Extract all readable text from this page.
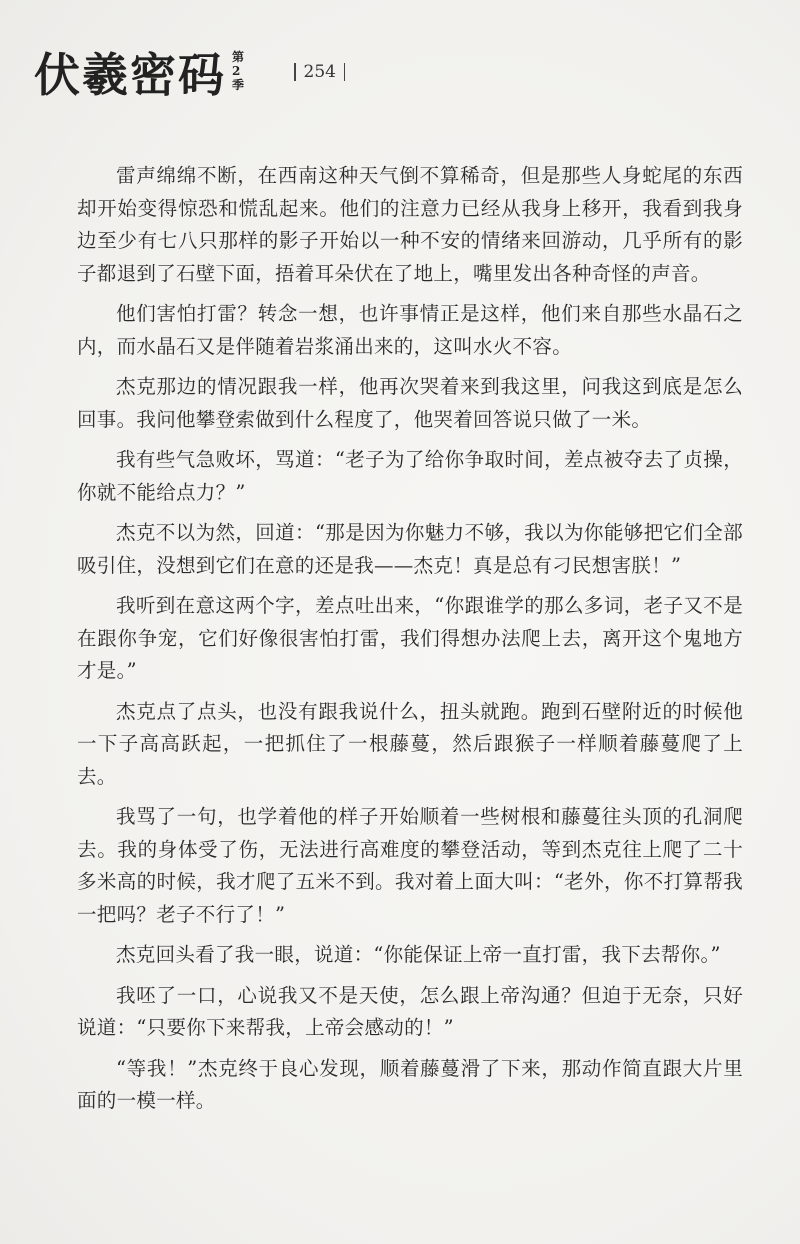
伏羲密码 第2季
254

雷声绵绵不断，在西南这种天气倒不算稀奇，但是那些人身蛇尾的东西却开始变得惊恐和慌乱起来。他们的注意力已经从我身上移开，我看到我身边至少有七八只那样的影子开始以一种不安的情绪来回游动，几乎所有的影子都退到了石壁下面，捂着耳朵伏在了地上，嘴里发出各种奇怪的声音。

他们害怕打雷？转念一想，也许事情正是这样，他们来自那些水晶石之内，而水晶石又是伴随着岩浆涌出来的，这叫水火不容。

杰克那边的情况跟我一样，他再次哭着来到我这里，问我这到底是怎么回事。我问他攀登索做到什么程度了，他哭着回答说只做了一米。

我有些气急败坏，骂道：“老子为了给你争取时间，差点被夺去了贞操，你就不能给点力？”

杰克不以为然，回道：“那是因为你魅力不够，我以为你能够把它们全部吸引住，没想到它们在意的还是我——杰克！真是总有刁民想害朕！”

我听到在意这两个字，差点吐出来，“你跟谁学的那么多词，老子又不是在跟你争宠，它们好像很害怕打雷，我们得想办法爬上去，离开这个鬼地方才是。”

杰克点了点头，也没有跟我说什么，扭头就跑。跑到石壁附近的时候他一下子高高跃起，一把抓住了一根藤蔓，然后跟猴子一样顺着藤蔓爬了上去。

我骂了一句，也学着他的样子开始顺着一些树根和藤蔓往头顶的孔洞爬去。我的身体受了伤，无法进行高难度的攀登活动，等到杰克往上爬了二十多米高的时候，我才爬了五米不到。我对着上面大叫：“老外，你不打算帮我一把吗？老子不行了！”

杰克回头看了我一眼，说道：“你能保证上帝一直打雷，我下去帮你。”

我呸了一口，心说我又不是天使，怎么跟上帝沟通？但迫于无奈，只好说道：“只要你下来帮我，上帝会感动的！”

“等我！”杰克终于良心发现，顺着藤蔓滑了下来，那动作简直跟大片里面的一模一样。
